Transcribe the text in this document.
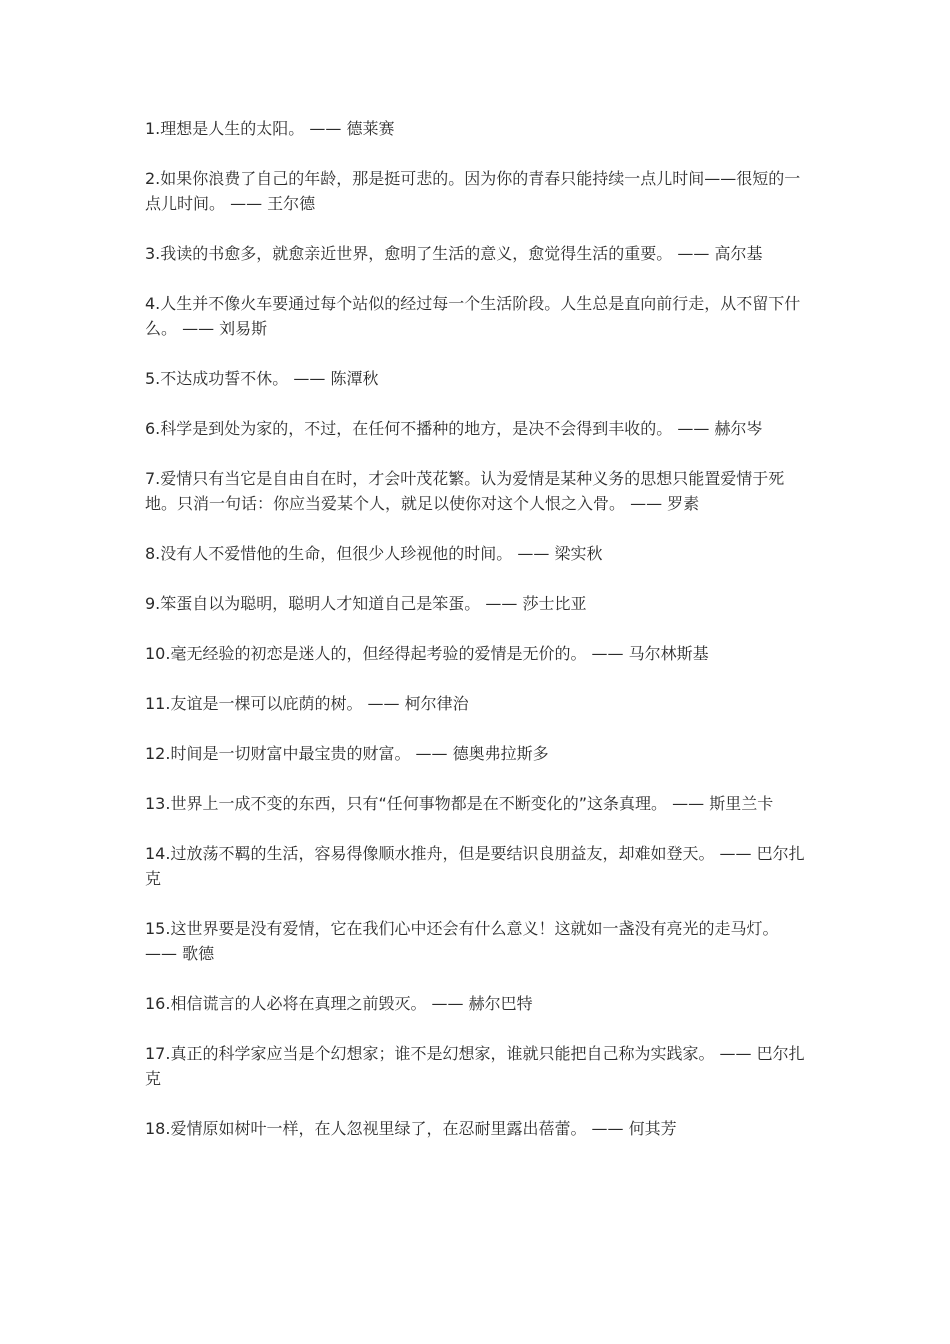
1.理想是人生的太阳。 —— 德莱赛
2.如果你浪费了自己的年龄，那是挺可悲的。因为你的青春只能持续一点儿时间——很短的一点儿时间。 —— 王尔德
3.我读的书愈多，就愈亲近世界，愈明了生活的意义，愈觉得生活的重要。 —— 高尔基
4.人生并不像火车要通过每个站似的经过每一个生活阶段。人生总是直向前行走，从不留下什么。 —— 刘易斯
5.不达成功誓不休。 —— 陈潭秋
6.科学是到处为家的，不过，在任何不播种的地方，是决不会得到丰收的。 —— 赫尔岑
7.爱情只有当它是自由自在时，才会叶茂花繁。认为爱情是某种义务的思想只能置爱情于死地。只消一句话：你应当爱某个人，就足以使你对这个人恨之入骨。 —— 罗素
8.没有人不爱惜他的生命，但很少人珍视他的时间。 —— 梁实秋
9.笨蛋自以为聪明，聪明人才知道自己是笨蛋。 —— 莎士比亚
10.毫无经验的初恋是迷人的，但经得起考验的爱情是无价的。 —— 马尔林斯基
11.友谊是一棵可以庇荫的树。 —— 柯尔律治
12.时间是一切财富中最宝贵的财富。 —— 德奥弗拉斯多
13.世界上一成不变的东西，只有“任何事物都是在不断变化的”这条真理。 —— 斯里兰卡
14.过放荡不羁的生活，容易得像顺水推舟，但是要结识良朋益友，却难如登天。 —— 巴尔扎克
15.这世界要是没有爱情，它在我们心中还会有什么意义！这就如一盏没有亮光的走马灯。 —— 歌德
16.相信谎言的人必将在真理之前毁灭。 —— 赫尔巴特
17.真正的科学家应当是个幻想家；谁不是幻想家，谁就只能把自己称为实践家。 —— 巴尔扎克
18.爱情原如树叶一样，在人忽视里绿了，在忍耐里露出蓓蕾。 —— 何其芳
